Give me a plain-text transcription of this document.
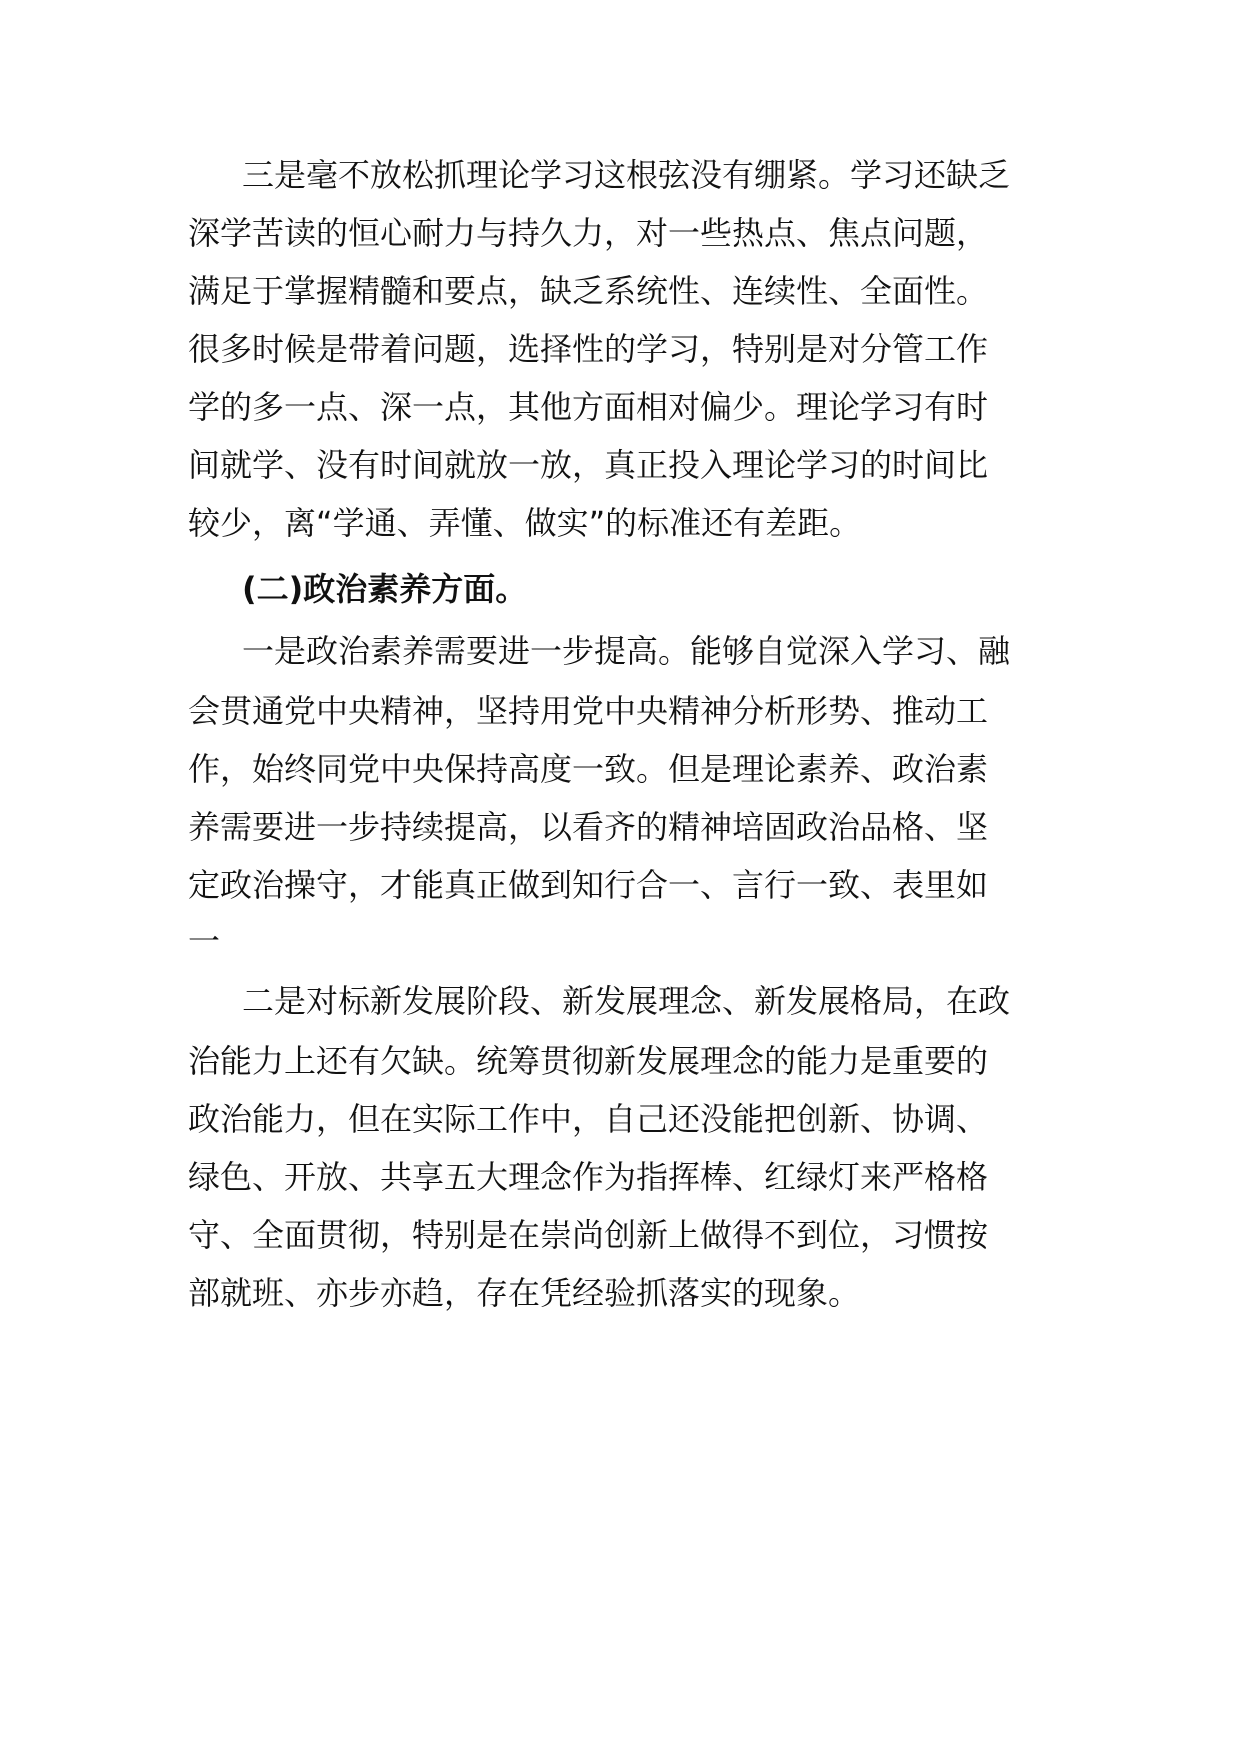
三是毫不放松抓理论学习这根弦没有绷紧。学习还缺乏
深学苦读的恒心耐力与持久力，对一些热点、焦点问题，
满足于掌握精髓和要点，缺乏系统性、连续性、全面性。
很多时候是带着问题，选择性的学习，特别是对分管工作
学的多一点、深一点，其他方面相对偏少。理论学习有时
间就学、没有时间就放一放，真正投入理论学习的时间比
较少，离“学通、弄懂、做实”的标准还有差距。
(二)政治素养方面。
一是政治素养需要进一步提高。能够自觉深入学习、融
会贯通党中央精神，坚持用党中央精神分析形势、推动工
作，始终同党中央保持高度一致。但是理论素养、政治素
养需要进一步持续提高，以看齐的精神培固政治品格、坚
定政治操守，才能真正做到知行合一、言行一致、表里如
一
二是对标新发展阶段、新发展理念、新发展格局，在政
治能力上还有欠缺。统筹贯彻新发展理念的能力是重要的
政治能力，但在实际工作中，自己还没能把创新、协调、
绿色、开放、共享五大理念作为指挥棒、红绿灯来严格格
守、全面贯彻，特别是在崇尚创新上做得不到位，习惯按
部就班、亦步亦趋，存在凭经验抓落实的现象。
